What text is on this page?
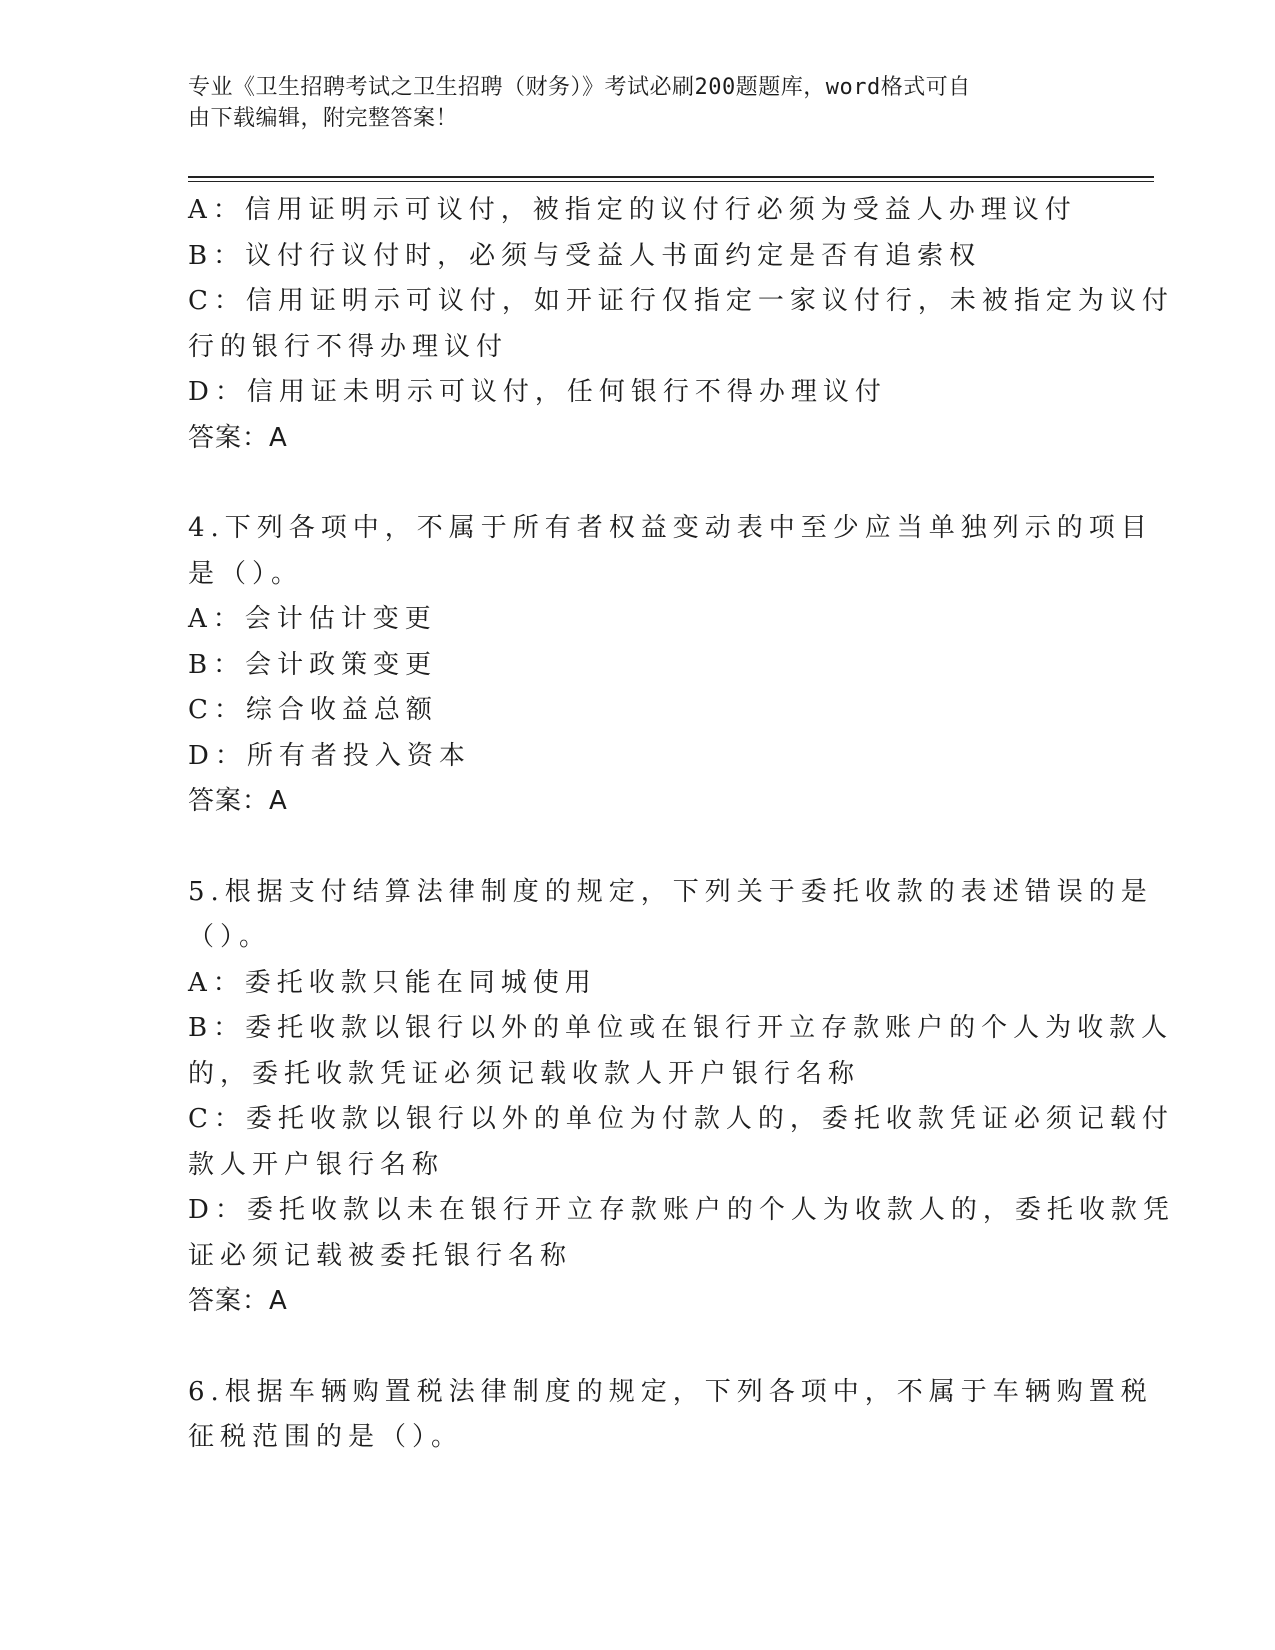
专业《卫生招聘考试之卫生招聘（财务）》考试必刷200题题库，word格式可自
由下载编辑，附完整答案！

A：信用证明示可议付，被指定的议付行必须为受益人办理议付

B：议付行议付时，必须与受益人书面约定是否有追索权

C：信用证明示可议付，如开证行仅指定一家议付行，未被指定为议付

行的银行不得办理议付

D：信用证未明示可议付，任何银行不得办理议付

答案：A

4.下列各项中，不属于所有者权益变动表中至少应当单独列示的项目

是（）。

A：会计估计变更

B：会计政策变更

C：综合收益总额

D：所有者投入资本

答案：A

5.根据支付结算法律制度的规定，下列关于委托收款的表述错误的是

（）。

A：委托收款只能在同城使用

B：委托收款以银行以外的单位或在银行开立存款账户的个人为收款人

的，委托收款凭证必须记载收款人开户银行名称

C：委托收款以银行以外的单位为付款人的，委托收款凭证必须记载付

款人开户银行名称

D：委托收款以未在银行开立存款账户的个人为收款人的，委托收款凭

证必须记载被委托银行名称

答案：A

6.根据车辆购置税法律制度的规定，下列各项中，不属于车辆购置税

征税范围的是（）。
